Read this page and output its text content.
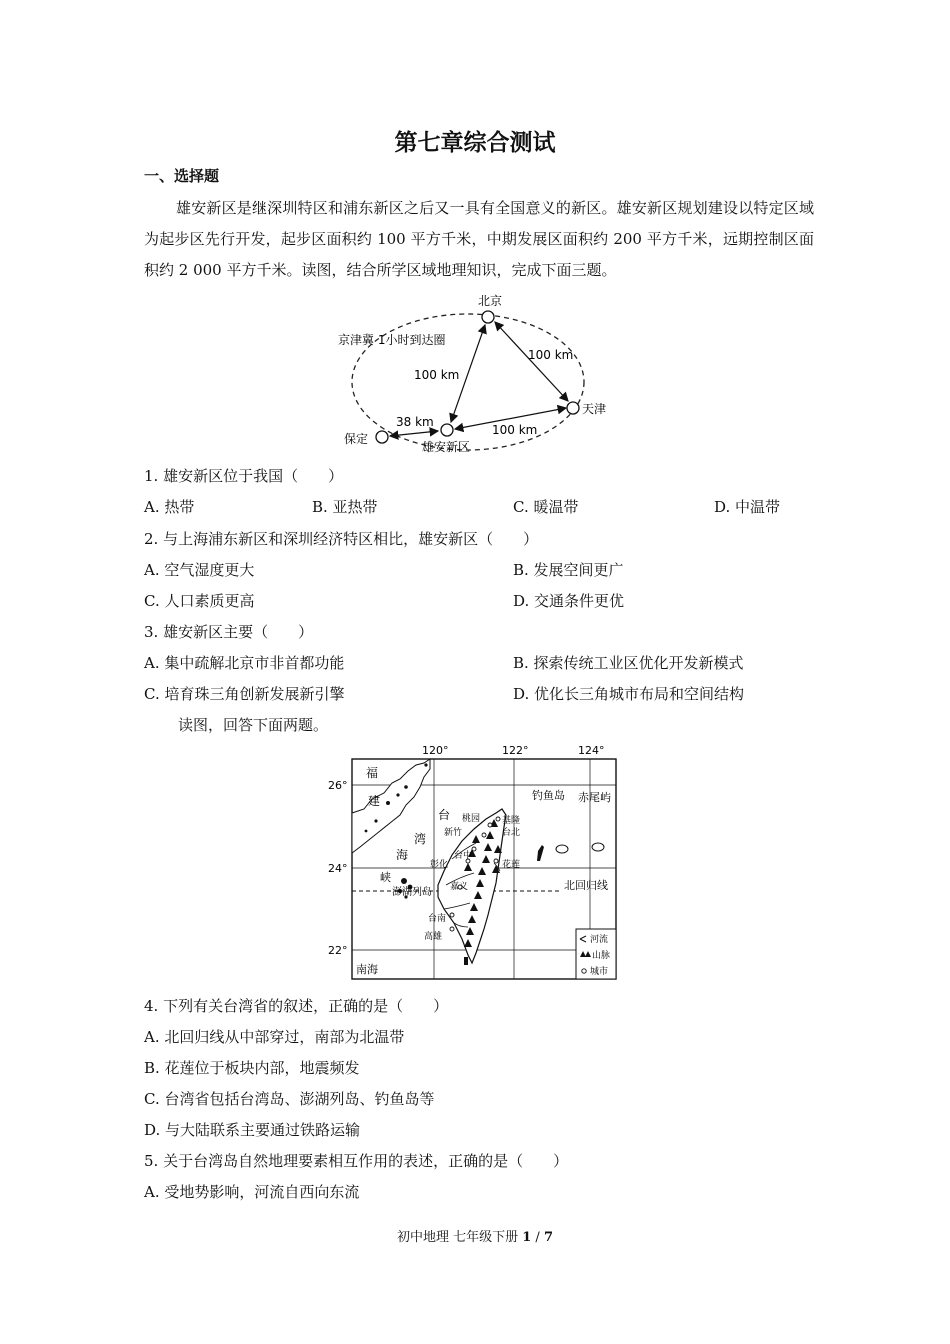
第七章综合测试
一、选择题
雄安新区是继深圳特区和浦东新区之后又一具有全国意义的新区。雄安新区规划建设以特定区域为起步区先行开发，起步区面积约 100 平方千米，中期发展区面积约 200 平方千米，远期控制区面积约 2 000 平方千米。读图，结合所学区域地理知识，完成下面三题。
北京
京津冀 1小时到达圈
100 km
100 km
天津
38 km
100 km
保定
雄安新区
1. 雄安新区位于我国（　　）
A. 热带	B. 亚热带	C. 暖温带	D. 中温带
2. 与上海浦东新区和深圳经济特区相比，雄安新区（　　）
A. 空气湿度更大	B. 发展空间更广
C. 人口素质更高	D. 交通条件更优
3. 雄安新区主要（　　）
A. 集中疏解北京市非首都功能	B. 探索传统工业区优化开发新模式
C. 培育珠三角创新发展新引擎	D. 优化长三角城市布局和空间结构
读图，回答下面两题。
120°	122°	124°
26°
24°
22°
福
建
台
湾
海
峡
澎湖列岛
钓鱼岛 赤尾屿
桃园 基隆
新竹	台北
台中
彰化	花莲
嘉义
台南
高雄
北回归线
南海
河流
山脉
城市
4. 下列有关台湾省的叙述，正确的是（　　）
A. 北回归线从中部穿过，南部为北温带
B. 花莲位于板块内部，地震频发
C. 台湾省包括台湾岛、澎湖列岛、钓鱼岛等
D. 与大陆联系主要通过铁路运输
5. 关于台湾岛自然地理要素相互作用的表述，正确的是（　　）
A. 受地势影响，河流自西向东流
初中地理 七年级下册 1 / 7
